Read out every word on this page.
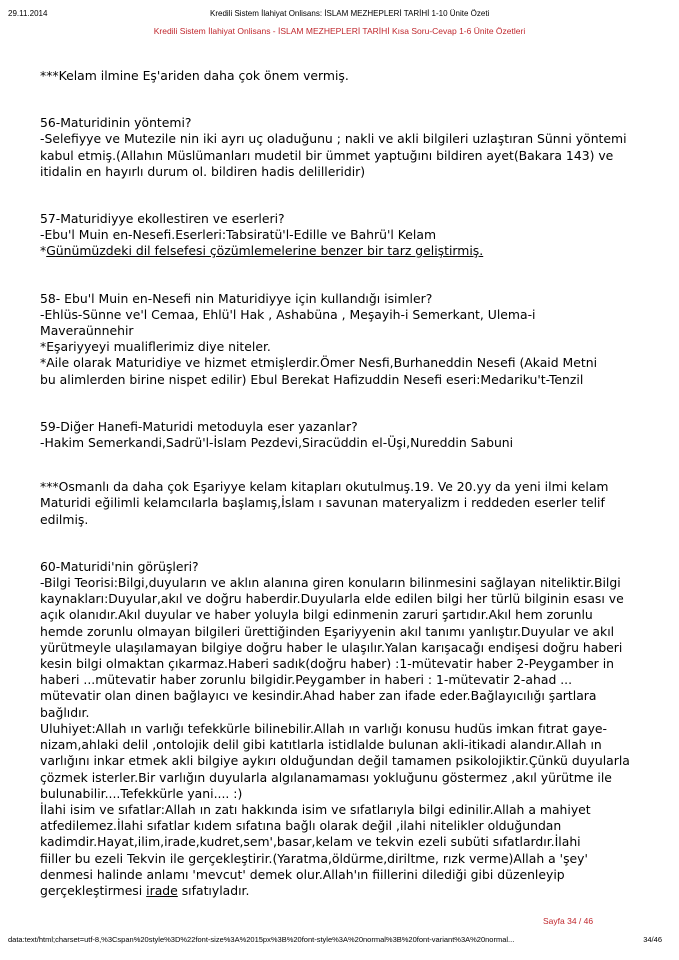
29.11.2014	Kredili Sistem İlahiyat Onlisans: İSLAM MEZHEPLERİ TARİHİ 1-10 Ünite Özeti
Kredili Sistem İlahiyat Onlisans - İSLAM MEZHEPLERİ TARİHİ Kısa Soru-Cevap 1-6 Ünite Özetleri
***Kelam ilmine Eş'ariden daha çok önem vermiş.
56-Maturidinin yöntemi?
-Selefiyye ve Mutezile nin iki ayrı uç oladuğunu ; nakli ve akli bilgileri uzlaştıran Sünni yöntemi
kabul etmiş.(Allahın Müslümanları mudetil bir ümmet yaptuğını bildiren ayet(Bakara 143) ve
itidalin en hayırlı durum ol. bildiren hadis delilleridir)
57-Maturidiyye ekollestiren ve eserleri?
-Ebu'l Muin en-Nesefi.Eserleri:Tabsiratü'l-Edille ve Bahrü'l Kelam
*Günümüzdeki dil felsefesi çözümlemelerine benzer bir tarz geliştirmiş.
58- Ebu'l Muin en-Nesefi nin Maturidiyye için kullandığı isimler?
-Ehlüs-Sünne ve'l Cemaa, Ehlü'l Hak , Ashabüna , Meşayih-i Semerkant, Ulema-i
Maveraünnehir
*Eşariyyeyi mualiflerimiz diye niteler.
*Aile olarak Maturidiye ve hizmet etmişlerdir.Ömer Nesfi,Burhaneddin Nesefi (Akaid Metni
bu alimlerden birine nispet edilir) Ebul Berekat Hafizuddin Nesefi eseri:Medariku't-Tenzil
59-Diğer Hanefi-Maturidi metoduyla eser yazanlar?
-Hakim Semerkandi,Sadrü'l-İslam Pezdevi,Siracüddin el-Üşi,Nureddin Sabuni
***Osmanlı da daha çok Eşariyye kelam kitapları okutulmuş.19. Ve 20.yy da yeni ilmi kelam
Maturidi eğilimli kelamcılarla başlamış,İslam ı savunan materyalizm i reddeden eserler telif
edilmiş.
60-Maturidi'nin görüşleri?
-Bilgi Teorisi:Bilgi,duyuların ve aklın alanına giren konuların bilinmesini sağlayan niteliktir.Bilgi
kaynakları:Duyular,akıl ve doğru haberdir.Duyularla elde edilen bilgi her türlü bilginin esası ve
açık olanıdır.Akıl duyular ve haber yoluyla bilgi edinmenin zaruri şartıdır.Akıl hem zorunlu
hemde zorunlu olmayan bilgileri ürettiğinden Eşariyyenin akıl tanımı yanlıştır.Duyular ve akıl
yürütmeyle ulaşılamayan bilgiye doğru haber le ulaşılır.Yalan karışacağı endişesi doğru haberi
kesin bilgi olmaktan çıkarmaz.Haberi sadık(doğru haber) :1-mütevatir haber 2-Peygamber in
haberi ...mütevatir haber zorunlu bilgidir.Peygamber in haberi : 1-mütevatir 2-ahad ...
mütevatir olan dinen bağlayıcı ve kesindir.Ahad haber zan ifade eder.Bağlayıcılığı şartlara
bağlıdır.
Uluhiyet:Allah ın varlığı tefekkürle bilinebilir.Allah ın varlığı konusu hudüs imkan fıtrat gaye-
nizam,ahlaki delil ,ontolojik delil gibi katıtlarla istidlalde bulunan akli-itikadi alandır.Allah ın
varlığını inkar etmek akli bilgiye aykırı olduğundan değil tamamen psikolojiktir.Çünkü duyularla
çözmek isterler.Bir varlığın duyularla algılanamaması yokluğunu göstermez ,akıl yürütme ile
bulunabilir....Tefekkürle yani.... :)
İlahi isim ve sıfatlar:Allah ın zatı hakkında isim ve sıfatlarıyla bilgi edinilir.Allah a mahiyet
atfedilemez.İlahi sıfatlar kıdem sıfatına bağlı olarak değil ,ilahi nitelikler olduğundan
kadimdir.Hayat,ilim,irade,kudret,sem',basar,kelam ve tekvin ezeli subüti sıfatlardır.İlahi
fiiller bu ezeli Tekvin ile gerçekleştirir.(Yaratma,öldürme,diriltme, rızk verme)Allah a 'şey'
denmesi halinde anlamı 'mevcut' demek olur.Allah'ın fiillerini dilediği gibi düzenleyip
gerçekleştirmesi irade sıfatıyladır.
Sayfa 34 / 46
data:text/html;charset=utf-8,%3Cspan%20style%3D%22font-size%3A%2015px%3B%20font-style%3A%20normal%3B%20font-variant%3A%20normal...	34/46
